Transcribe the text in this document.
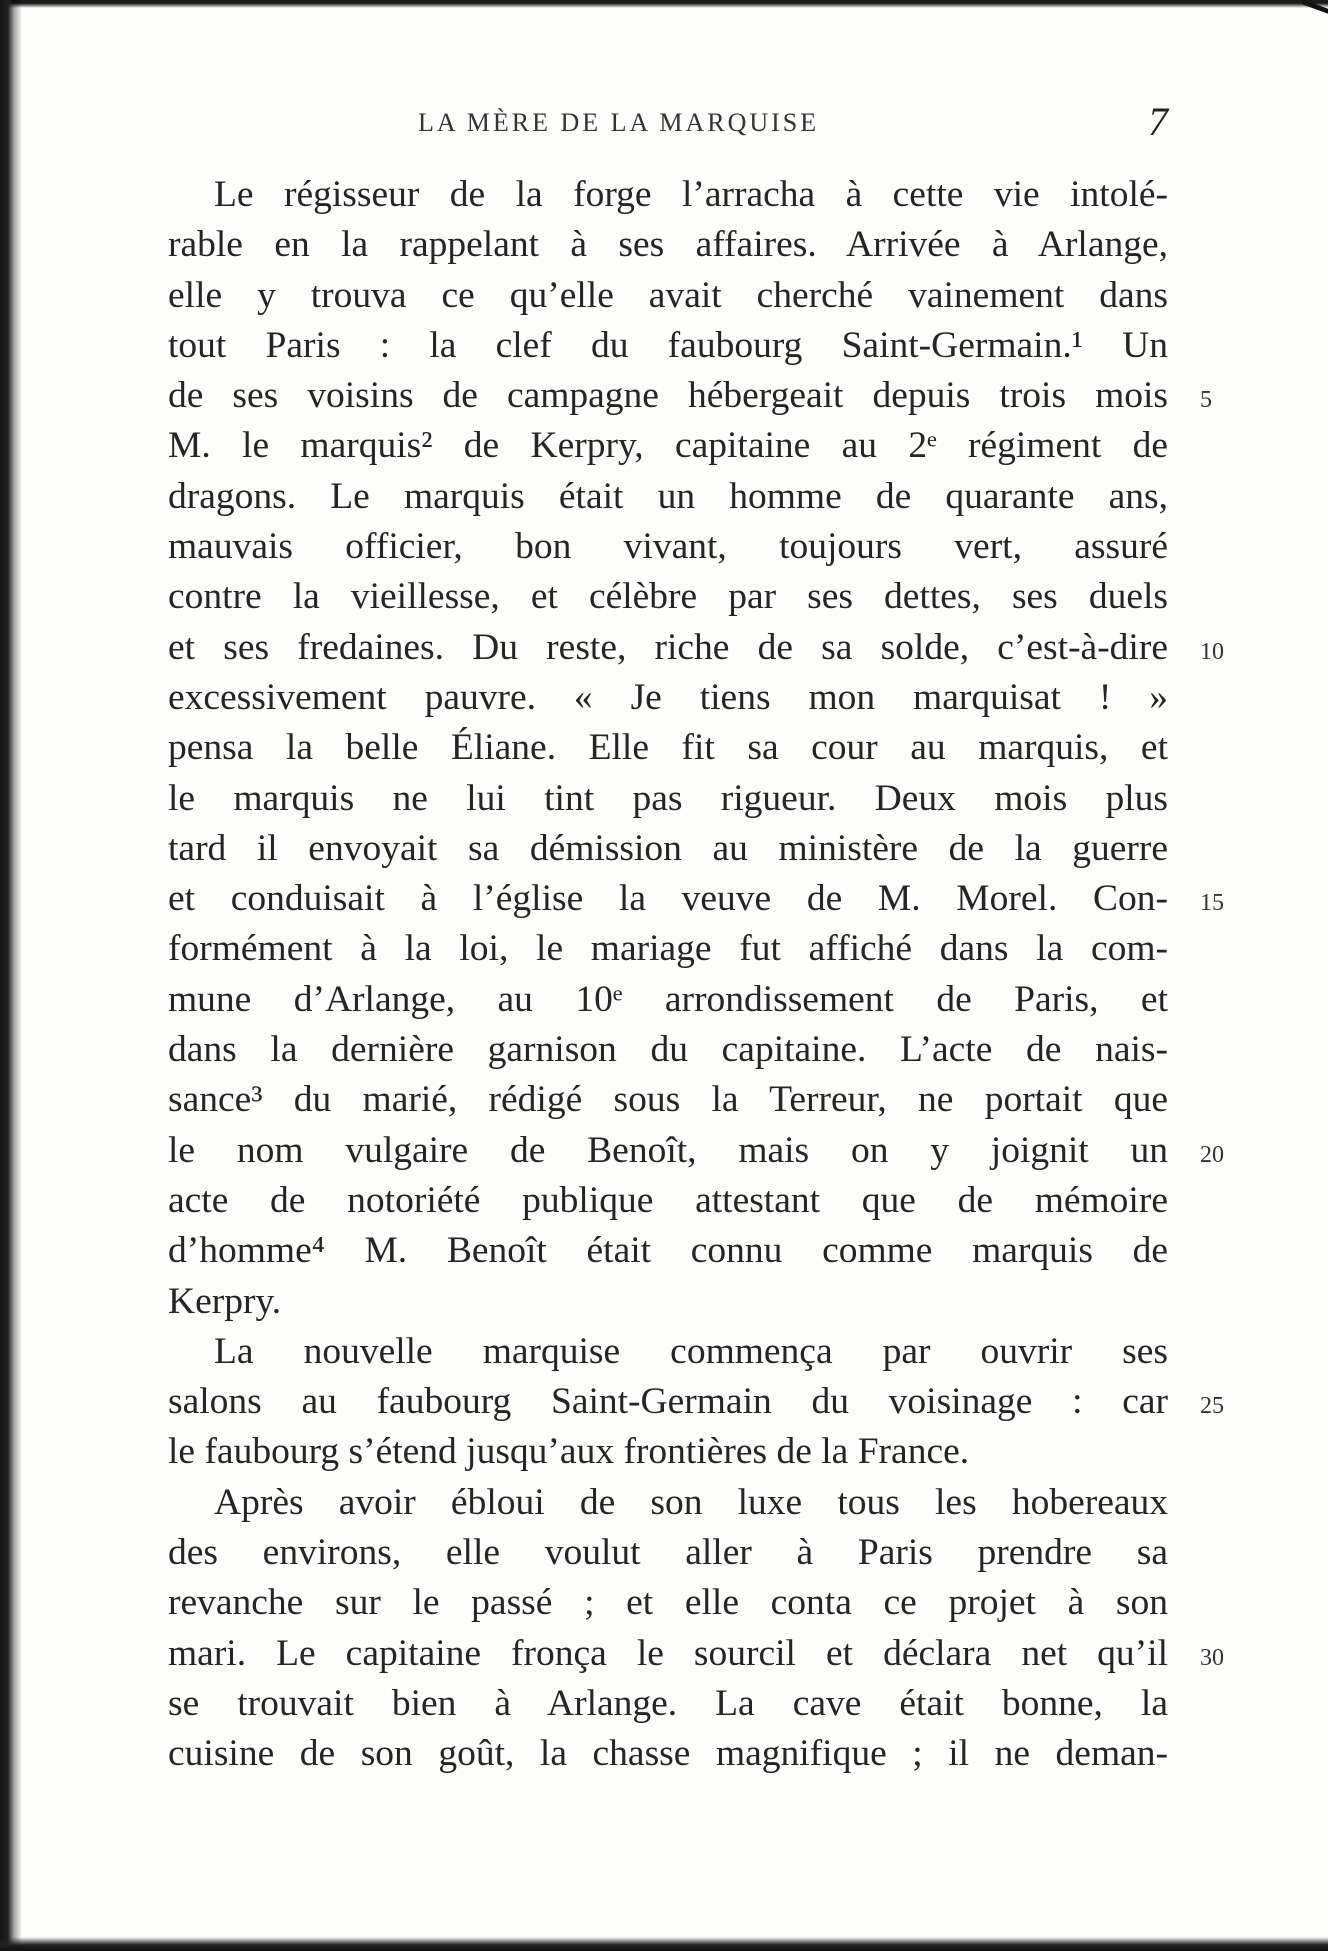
LA MÈRE DE LA MARQUISE	7
Le régisseur de la forge l’arracha à cette vie intolé-
rable en la rappelant à ses affaires. Arrivée à Arlange,
elle y trouva ce qu’elle avait cherché vainement dans
tout Paris : la clef du faubourg Saint-Germain.¹ Un
de ses voisins de campagne hébergeait depuis trois mois 5
M. le marquis² de Kerpry, capitaine au 2ᵉ régiment de
dragons. Le marquis était un homme de quarante ans,
mauvais officier, bon vivant, toujours vert, assuré
contre la vieillesse, et célèbre par ses dettes, ses duels
et ses fredaines. Du reste, riche de sa solde, c’est-à-dire 10
excessivement pauvre. « Je tiens mon marquisat ! »
pensa la belle Éliane. Elle fit sa cour au marquis, et
le marquis ne lui tint pas rigueur. Deux mois plus
tard il envoyait sa démission au ministère de la guerre
et conduisait à l’église la veuve de M. Morel. Con- 15
formément à la loi, le mariage fut affiché dans la com-
mune d’Arlange, au 10ᵉ arrondissement de Paris, et
dans la dernière garnison du capitaine. L’acte de nais-
sance³ du marié, rédigé sous la Terreur, ne portait que
le nom vulgaire de Benoît, mais on y joignit un 20
acte de notoriété publique attestant que de mémoire
d’homme⁴ M. Benoît était connu comme marquis de
Kerpry.
La nouvelle marquise commença par ouvrir ses
salons au faubourg Saint-Germain du voisinage : car 25
le faubourg s’étend jusqu’aux frontières de la France.
Après avoir ébloui de son luxe tous les hobereaux
des environs, elle voulut aller à Paris prendre sa
revanche sur le passé ; et elle conta ce projet à son
mari. Le capitaine fronça le sourcil et déclara net qu’il 30
se trouvait bien à Arlange. La cave était bonne, la
cuisine de son goût, la chasse magnifique ; il ne deman-
